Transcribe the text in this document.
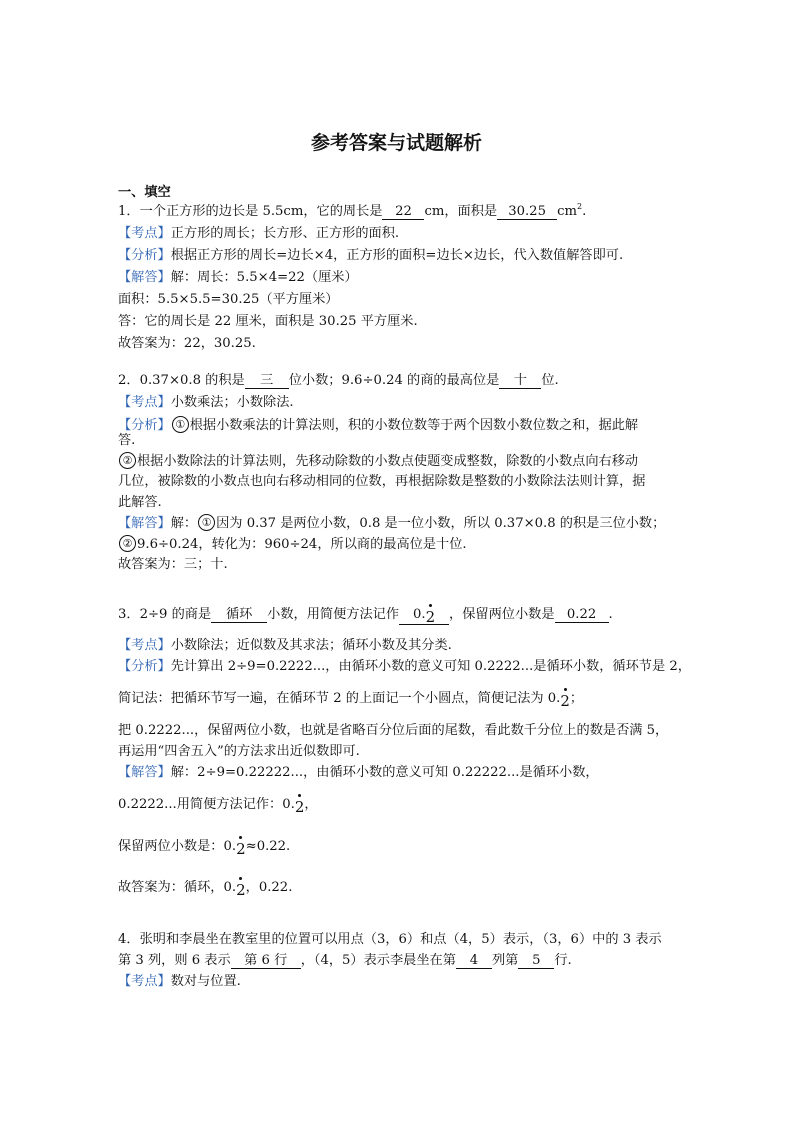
参考答案与试题解析
一、填空
1．一个正方形的边长是 5.5cm，它的周长是 22 cm，面积是 30.25 $cm^2$.
【考点】正方形的周长；长方形、正方形的面积.
【分析】根据正方形的周长=边长×4，正方形的面积=边长×边长，代入数值解答即可.
【解答】解：周长：5.5×4=22（厘米）
面积：5.5×5.5=30.25（平方厘米）
答：它的周长是 22 厘米，面积是 30.25 平方厘米.
故答案为：22，30.25.
2．0.37×0.8 的积是 三 位小数；9.6÷0.24 的商的最高位是 十 位.
【考点】小数乘法；小数除法.
【分析】 ① 根据小数乘法的计算法则，积的小数位数等于两个因数小数位数之和，据此解
答.
② 根据小数除法的计算法则，先移动除数的小数点使题变成整数，除数的小数点向右移动
几位，被除数的小数点也向右移动相同的位数，再根据除数是整数的小数除法法则计算，据
此解答.
【解答】解： ① 因为 0.37 是两位小数，0.8 是一位小数，所以 0.37×0.8 的积是三位小数；
② 9.6÷0.24，转化为：960÷24，所以商的最高位是十位.
故答案为：三；十.
3．2÷9 的商是 循环 小数，用简便方法记作 0.2 ，保留两位小数是 0.22 .
【考点】小数除法；近似数及其求法；循环小数及其分类.
【分析】先计算出 2÷9=0.2222...，由循环小数的意义可知 0.2222...是循环小数，循环节是 2，
简记法：把循环节写一遍，在循环节 2 的上面记一个小圆点，简便记法为 0.2；
把 0.2222...，保留两位小数，也就是省略百分位后面的尾数，看此数千分位上的数是否满 5，
再运用“四舍五入”的方法求出近似数即可.
【解答】解：2÷9=0.22222...，由循环小数的意义可知 0.22222...是循环小数，
0.2222...用简便方法记作：0.2，
保留两位小数是：0.2≈0.22.
故答案为：循环，0.2，0.22.
4．张明和李晨坐在教室里的位置可以用点（3，6）和点（4，5）表示，（3，6）中的 3 表示
第 3 列，则 6 表示 第 6 行 ，（4，5）表示李晨坐在第 4 列第 5 行.
【考点】数对与位置.
